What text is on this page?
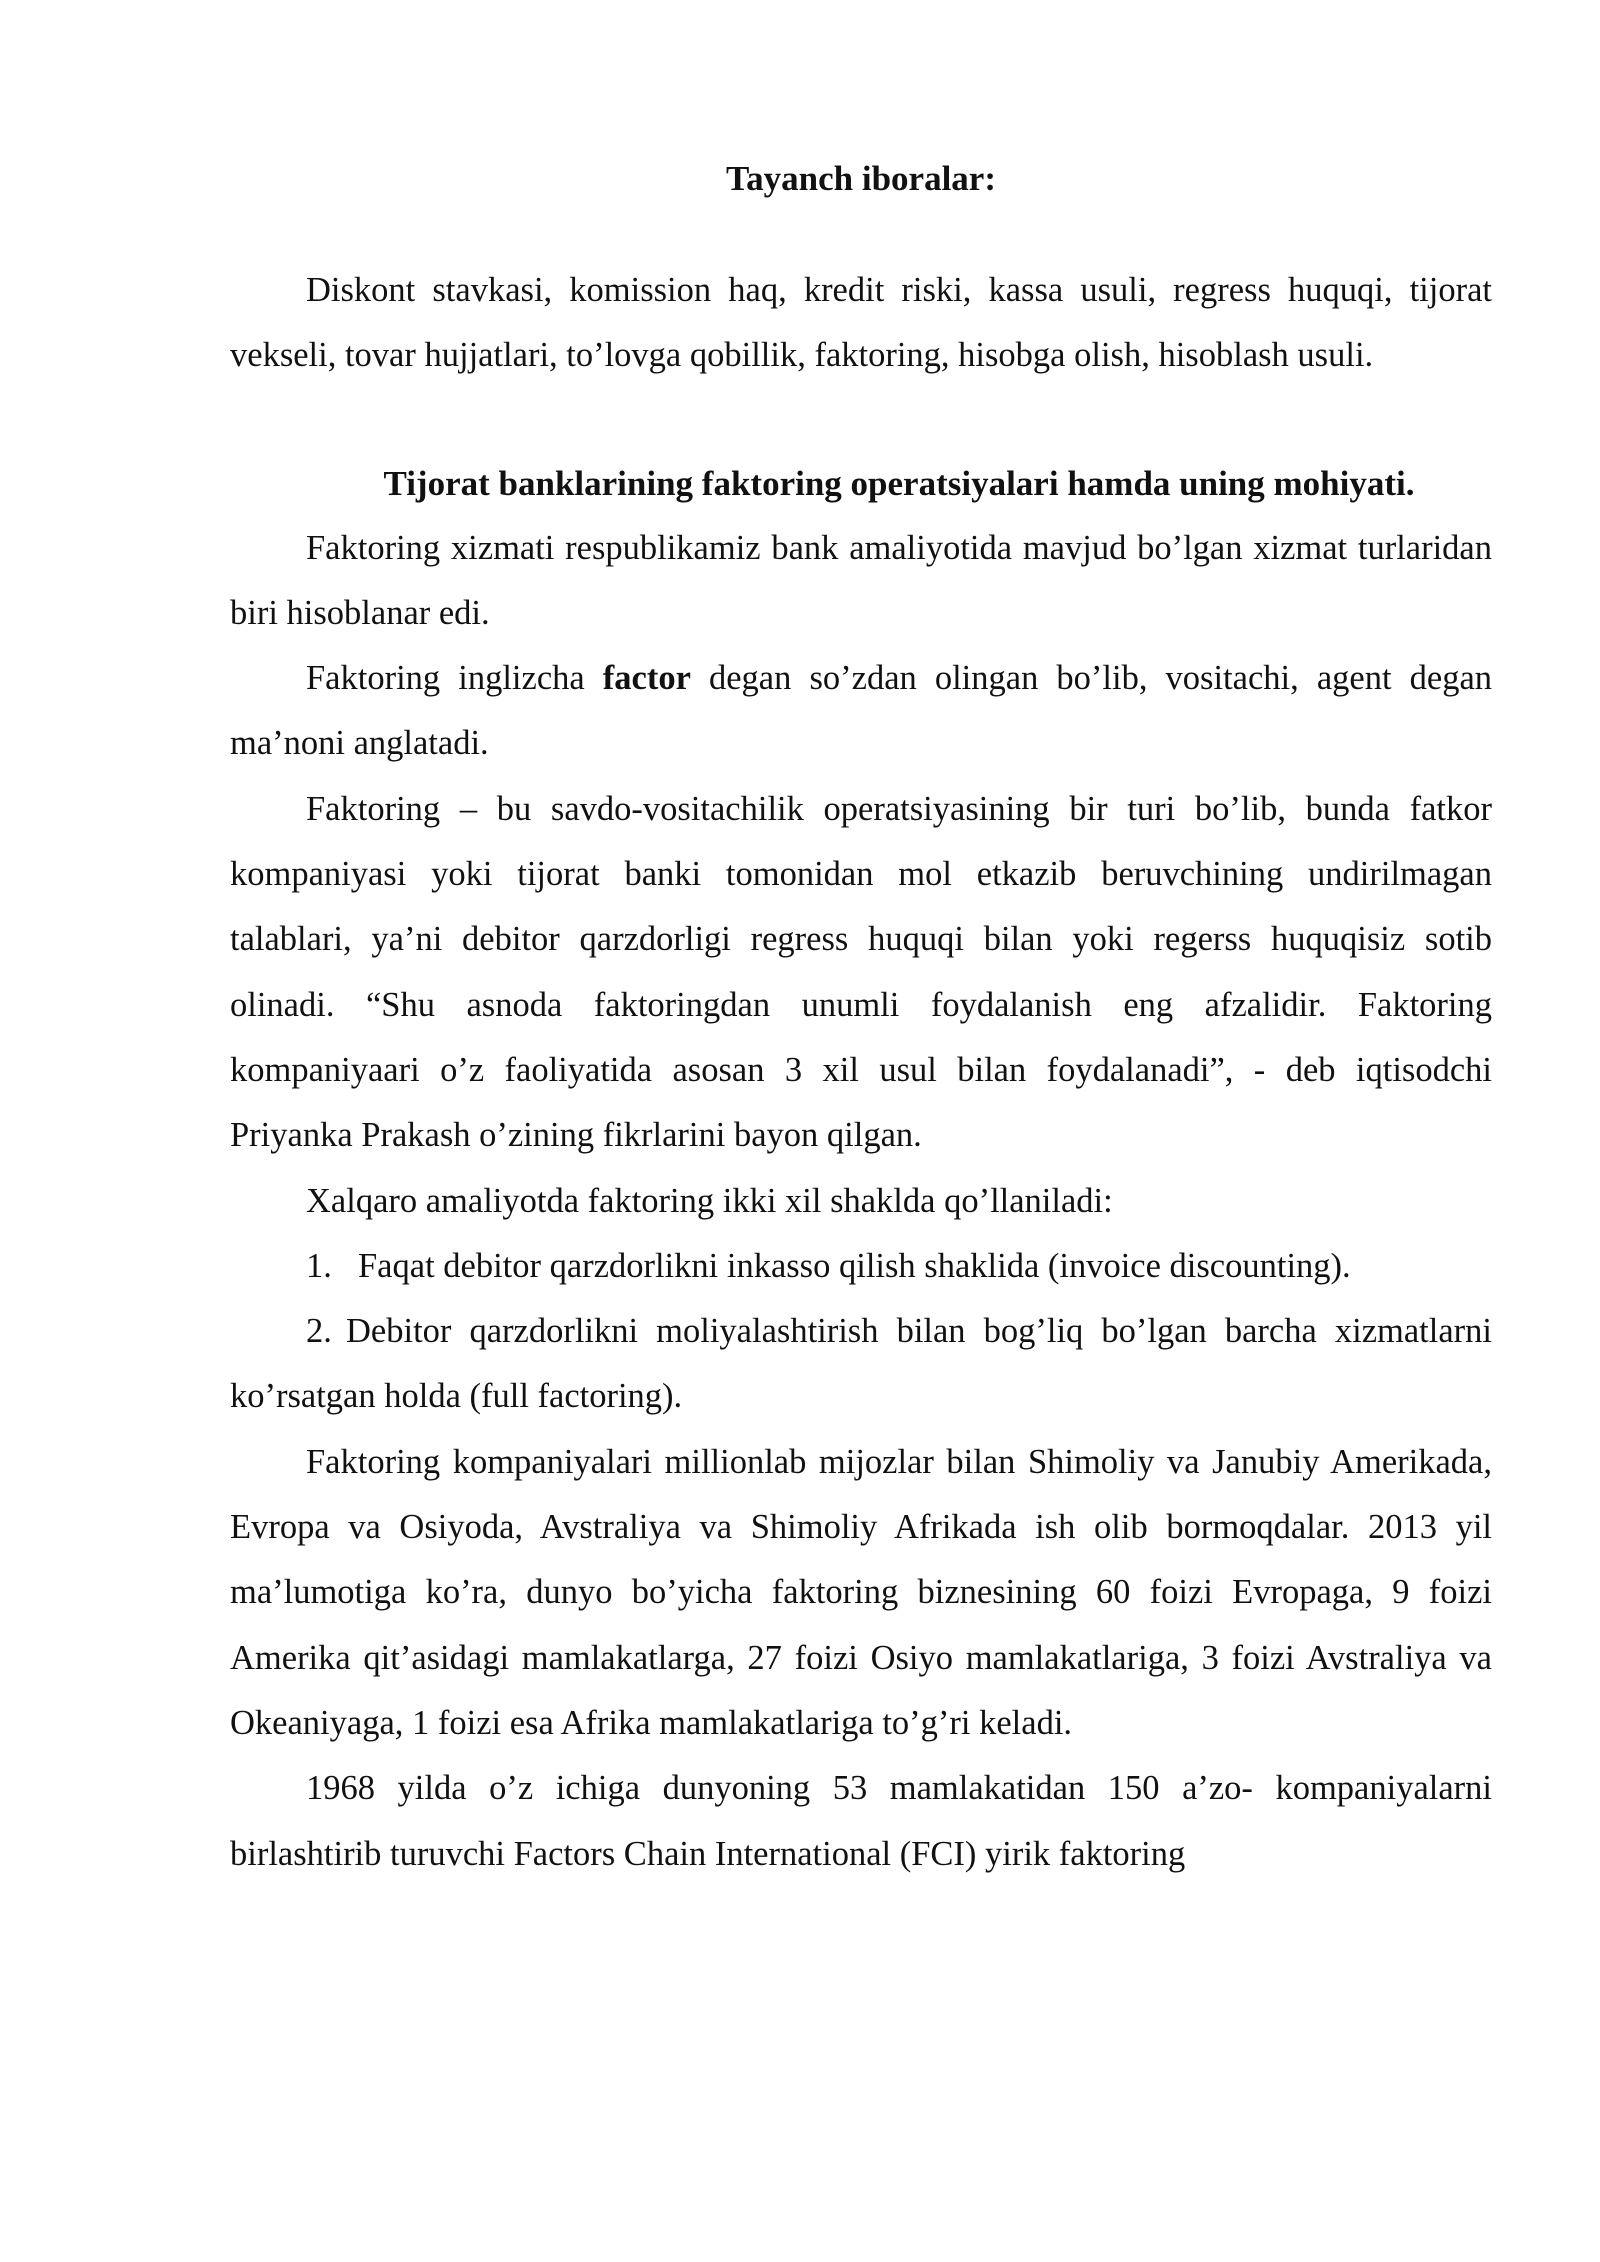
Tayanch iboralar:

Diskont stavkasi, komission haq, kredit riski, kassa usuli, regress huquqi, tijorat vekseli, tovar hujjatlari, to’lovga qobillik, faktoring, hisobga olish, hisoblash usuli.

Tijorat banklarining faktoring operatsiyalari hamda uning mohiyati.

Faktoring xizmati respublikamiz bank amaliyotida mavjud bo’lgan xizmat turlaridan biri hisoblanar edi.

Faktoring inglizcha factor degan so’zdan olingan bo’lib, vositachi, agent degan ma’noni anglatadi.

Faktoring – bu savdo-vositachilik operatsiyasining bir turi bo’lib, bunda fatkor kompaniyasi yoki tijorat banki tomonidan mol etkazib beruvchining undirilmagan talablari, ya’ni debitor qarzdorligi regress huquqi bilan yoki regerss huquqisiz sotib olinadi. “Shu asnoda faktoringdan unumli foydalanish eng afzalidir. Faktoring kompaniyaari o’z faoliyatida asosan 3 xil usul bilan foydalanadi”, - deb iqtisodchi Priyanka Prakash o’zining fikrlarini bayon qilgan.

Xalqaro amaliyotda faktoring ikki xil shaklda qo’llaniladi:

1. Faqat debitor qarzdorlikni inkasso qilish shaklida (invoice discounting).

2. Debitor qarzdorlikni moliyalashtirish bilan bog’liq bo’lgan barcha xizmatlarni ko’rsatgan holda (full factoring).

Faktoring kompaniyalari millionlab mijozlar bilan Shimoliy va Janubiy Amerikada, Evropa va Osiyoda, Avstraliya va Shimoliy Afrikada ish olib bormoqdalar. 2013 yil ma’lumotiga ko’ra, dunyo bo’yicha faktoring biznesining 60 foizi Evropaga, 9 foizi Amerika qit’asidagi mamlakatlarga, 27 foizi Osiyo mamlakatlariga, 3 foizi Avstraliya va Okeaniyaga, 1 foizi esa Afrika mamlakatlariga to’g’ri keladi.

1968 yilda o’z ichiga dunyoning 53 mamlakatidan 150 a’zo- kompaniyalarni birlashtirib turuvchi Factors Chain International (FCI) yirik faktoring
